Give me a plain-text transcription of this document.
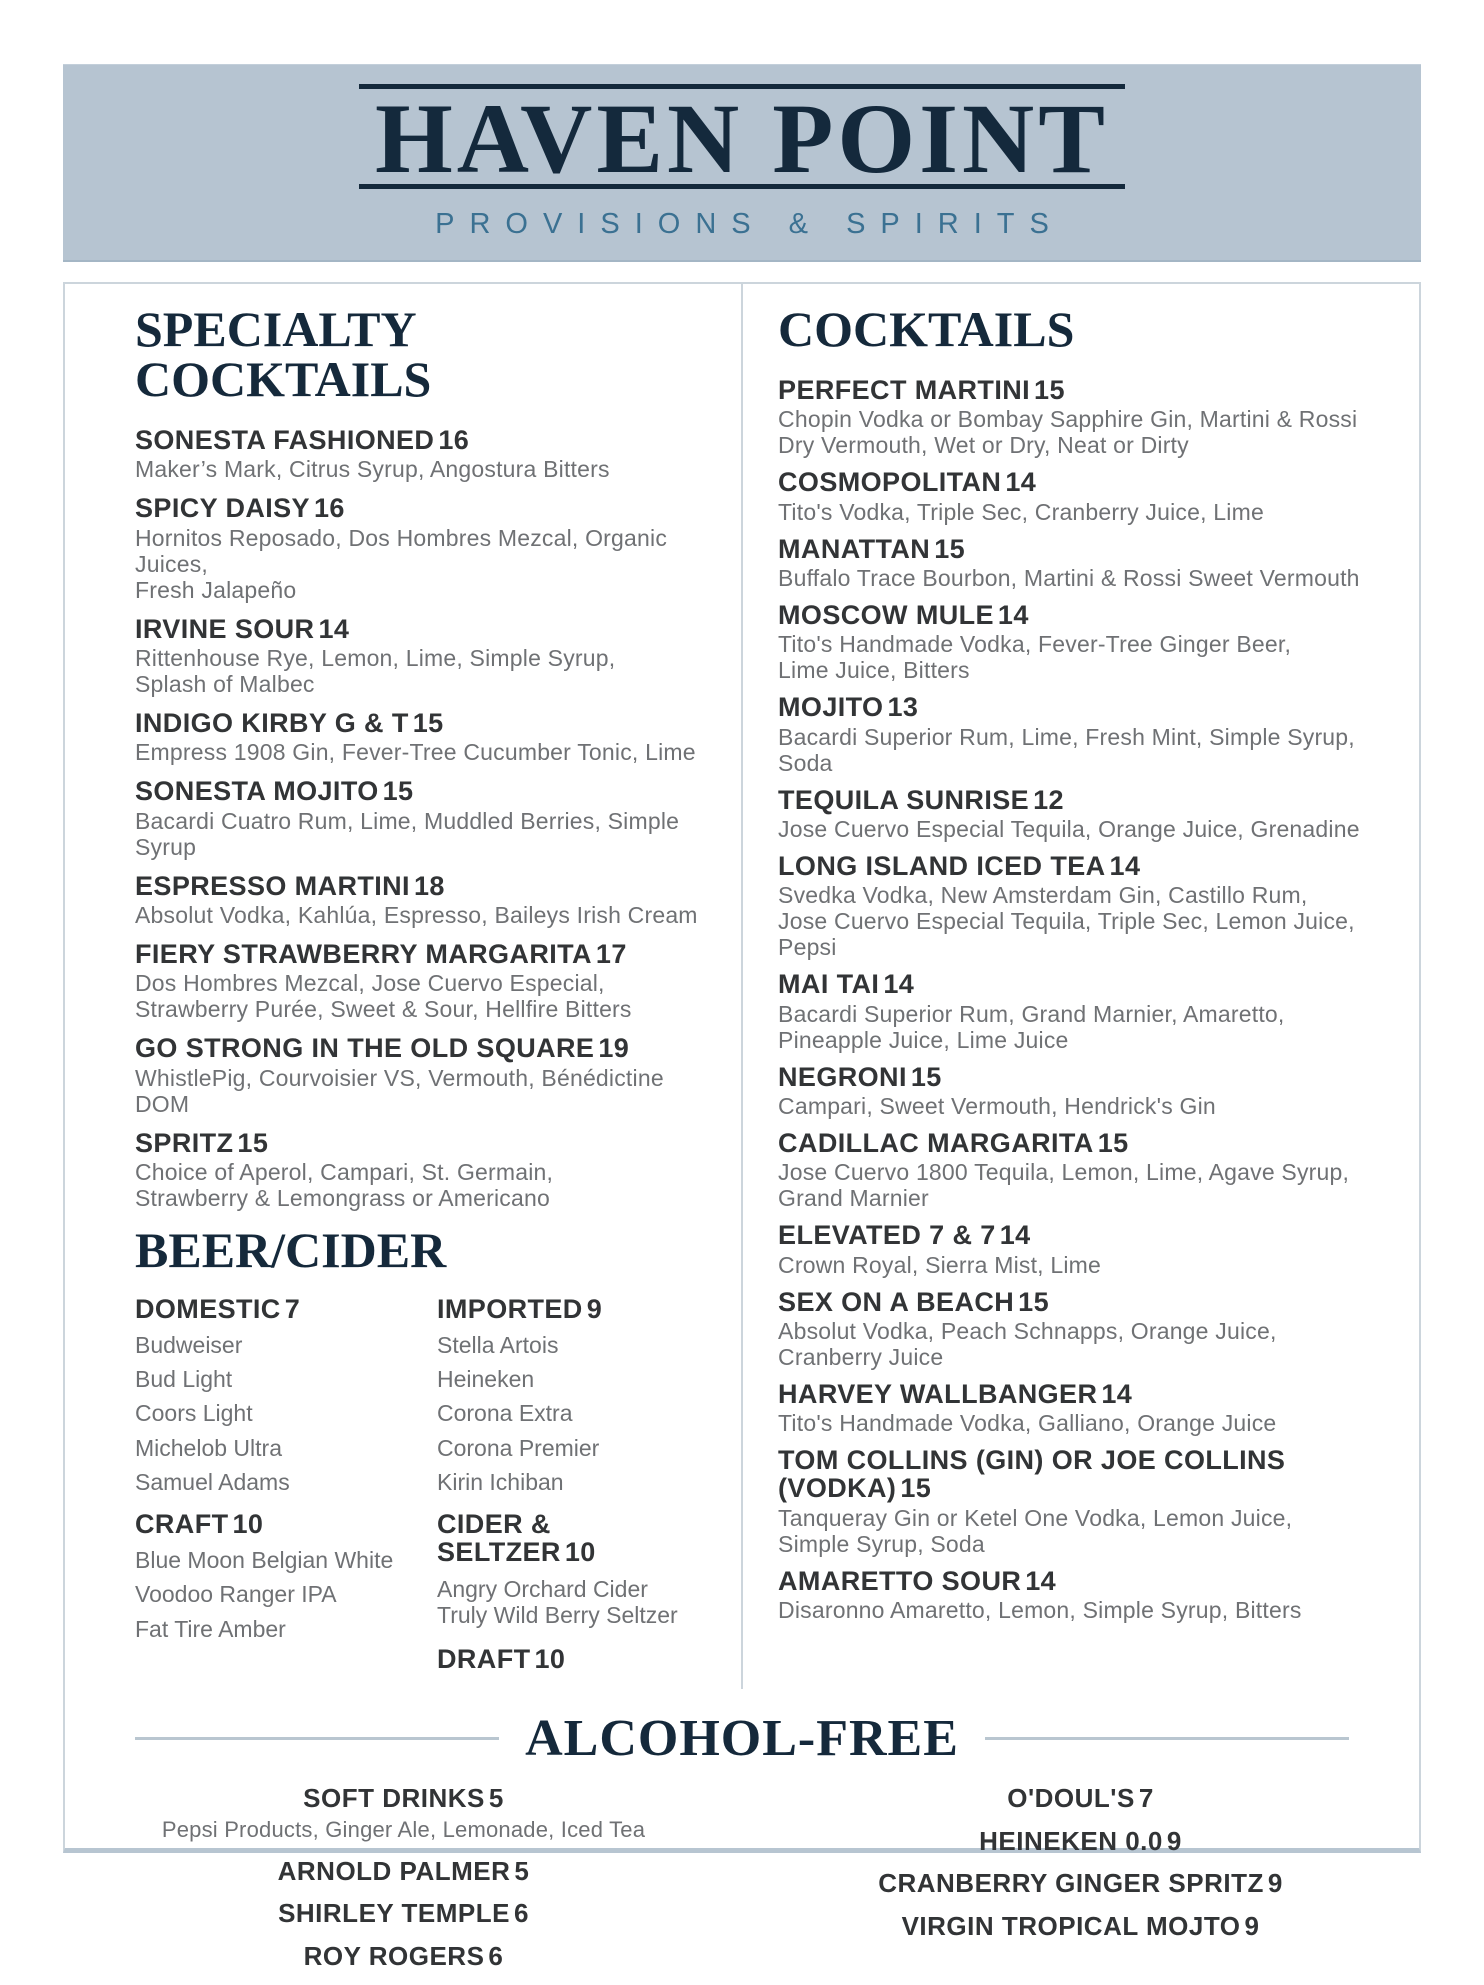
HAVEN POINT
PROVISIONS & SPIRITS
SPECIALTY
COCKTAILS
SONESTA FASHIONED 16
Maker’s Mark, Citrus Syrup, Angostura Bitters
SPICY DAISY 16
Hornitos Reposado, Dos Hombres Mezcal, Organic Juices,
Fresh Jalapeño
IRVINE SOUR 14
Rittenhouse Rye, Lemon, Lime, Simple Syrup,
Splash of Malbec
INDIGO KIRBY G & T 15
Empress 1908 Gin, Fever-Tree Cucumber Tonic, Lime
SONESTA MOJITO 15
Bacardi Cuatro Rum, Lime, Muddled Berries, Simple Syrup
ESPRESSO MARTINI 18
Absolut Vodka, Kahlúa, Espresso, Baileys Irish Cream
FIERY STRAWBERRY MARGARITA 17
Dos Hombres Mezcal, Jose Cuervo Especial,
Strawberry Purée, Sweet & Sour, Hellfire Bitters
GO STRONG IN THE OLD SQUARE 19
WhistlePig, Courvoisier VS, Vermouth, Bénédictine DOM
SPRITZ 15
Choice of Aperol, Campari, St. Germain,
Strawberry & Lemongrass or Americano
BEER/CIDER
DOMESTIC 7
Budweiser
Bud Light
Coors Light
Michelob Ultra
Samuel Adams
CRAFT 10
Blue Moon Belgian White
Voodoo Ranger IPA
Fat Tire Amber
IMPORTED 9
Stella Artois
Heineken
Corona Extra
Corona Premier
Kirin Ichiban
CIDER & SELTZER 10
Angry Orchard Cider
Truly Wild Berry Seltzer
DRAFT 10
COCKTAILS
PERFECT MARTINI 15
Chopin Vodka or Bombay Sapphire Gin, Martini & Rossi
Dry Vermouth, Wet or Dry, Neat or Dirty
COSMOPOLITAN 14
Tito's Vodka, Triple Sec, Cranberry Juice, Lime
MANATTAN 15
Buffalo Trace Bourbon, Martini & Rossi Sweet Vermouth
MOSCOW MULE 14
Tito's Handmade Vodka, Fever-Tree Ginger Beer,
Lime Juice, Bitters
MOJITO 13
Bacardi Superior Rum, Lime, Fresh Mint, Simple Syrup, Soda
TEQUILA SUNRISE 12
Jose Cuervo Especial Tequila, Orange Juice, Grenadine
LONG ISLAND ICED TEA 14
Svedka Vodka, New Amsterdam Gin, Castillo Rum,
Jose Cuervo Especial Tequila, Triple Sec, Lemon Juice, Pepsi
MAI TAI 14
Bacardi Superior Rum, Grand Marnier, Amaretto,
Pineapple Juice, Lime Juice
NEGRONI 15
Campari, Sweet Vermouth, Hendrick's Gin
CADILLAC MARGARITA 15
Jose Cuervo 1800 Tequila, Lemon, Lime, Agave Syrup,
Grand Marnier
ELEVATED 7 & 7 14
Crown Royal, Sierra Mist, Lime
SEX ON A BEACH 15
Absolut Vodka, Peach Schnapps, Orange Juice,
Cranberry Juice
HARVEY WALLBANGER 14
Tito's Handmade Vodka, Galliano, Orange Juice
TOM COLLINS (GIN) OR JOE COLLINS (VODKA) 15
Tanqueray Gin or Ketel One Vodka, Lemon Juice,
Simple Syrup, Soda
AMARETTO SOUR 14
Disaronno Amaretto, Lemon, Simple Syrup, Bitters
ALCOHOL-FREE
SOFT DRINKS 5
Pepsi Products, Ginger Ale, Lemonade, Iced Tea
ARNOLD PALMER 5
SHIRLEY TEMPLE 6
ROY ROGERS 6
O'DOUL'S 7
HEINEKEN 0.0 9
CRANBERRY GINGER SPRITZ 9
VIRGIN TROPICAL MOJTO 9
